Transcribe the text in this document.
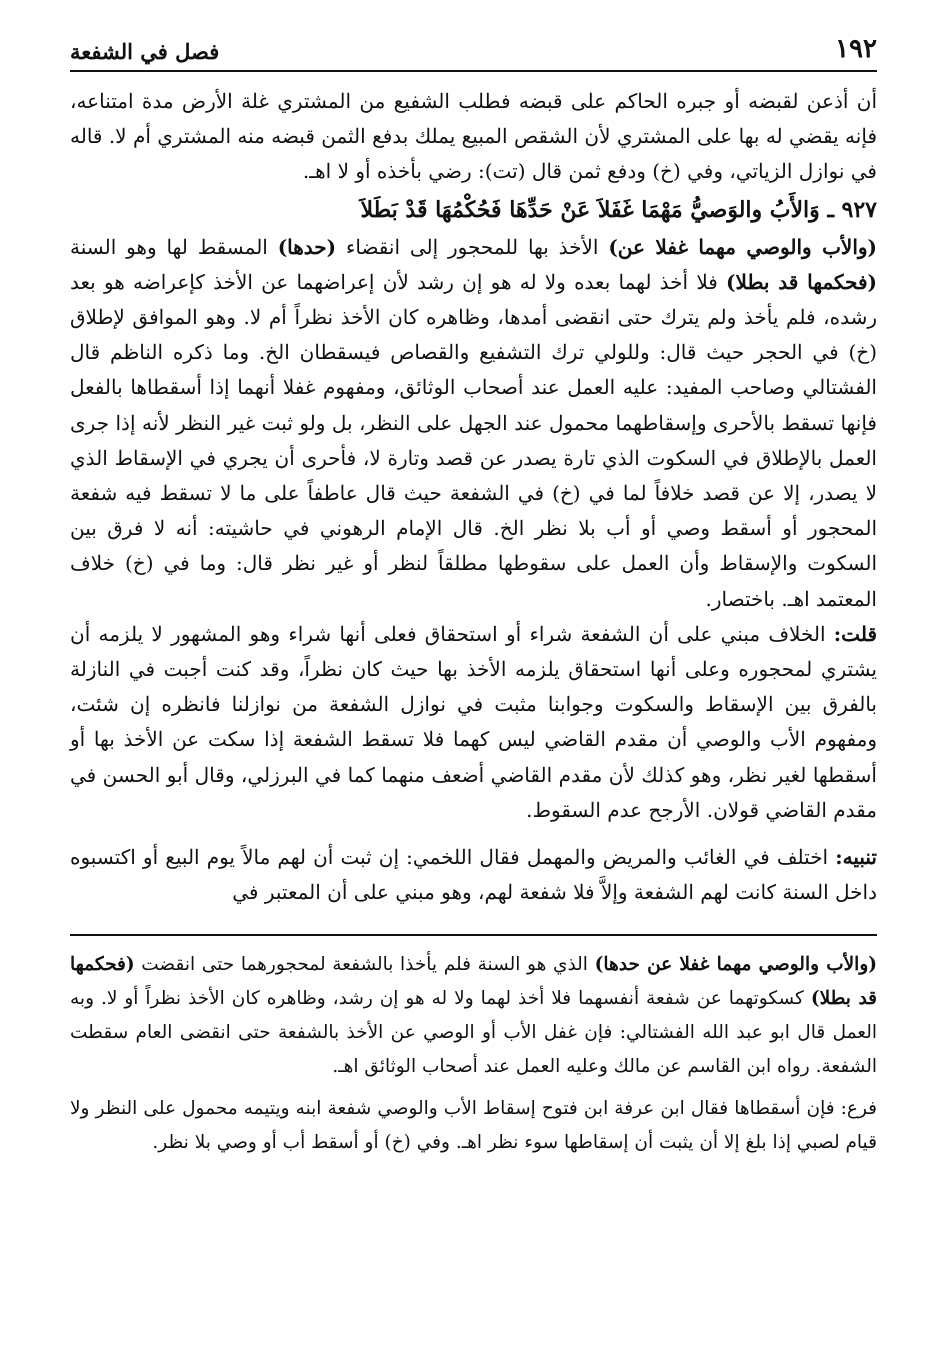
١٩٢
فصل في الشفعة

أن أذعن لقبضه أو جبره الحاكم على قبضه فطلب الشفيع من المشتري غلة الأرض مدة امتناعه، فإنه يقضي له بها على المشتري لأن الشقص المبيع يملك بدفع الثمن قبضه منه المشتري أم لا. قاله في نوازل الزياتي، وفي (خ) ودفع ثمن قال (تت): رضي بأخذه أو لا اهـ.

٩٢٧ ـ وَالأَبُ والوَصيُّ مَهْمَا غَفَلاَ عَنْ حَدِّهَا فَحُكْمُهَا قَدْ بَطَلاَ

(والأب والوصي مهما غفلا عن) الأخذ بها للمحجور إلى انقضاء (حدها) المسقط لها وهو السنة (فحكمها قد بطلا) فلا أخذ لهما بعده ولا له هو إن رشد لأن إعراضهما عن الأخذ كإعراضه هو بعد رشده، فلم يأخذ ولم يترك حتى انقضى أمدها، وظاهره كان الأخذ نظراً أم لا. وهو الموافق لإطلاق (خ) في الحجر حيث قال: وللولي ترك التشفيع والقصاص فيسقطان الخ. وما ذكره الناظم قال الفشتالي وصاحب المفيد: عليه العمل عند أصحاب الوثائق، ومفهوم غفلا أنهما إذا أسقطاها بالفعل فإنها تسقط بالأحرى وإسقاطهما محمول عند الجهل على النظر، بل ولو ثبت غير النظر لأنه إذا جرى العمل بالإطلاق في السكوت الذي تارة يصدر عن قصد وتارة لا، فأحرى أن يجري في الإسقاط الذي لا يصدر، إلا عن قصد خلافاً لما في (خ) في الشفعة حيث قال عاطفاً على ما لا تسقط فيه شفعة المحجور أو أسقط وصي أو أب بلا نظر الخ. قال الإمام الرهوني في حاشيته: أنه لا فرق بين السكوت والإسقاط وأن العمل على سقوطها مطلقاً لنظر أو غير نظر قال: وما في (خ) خلاف المعتمد اهـ. باختصار.

قلت: الخلاف مبني على أن الشفعة شراء أو استحقاق فعلى أنها شراء وهو المشهور لا يلزمه أن يشتري لمحجوره وعلى أنها استحقاق يلزمه الأخذ بها حيث كان نظراً، وقد كنت أجبت في النازلة بالفرق بين الإسقاط والسكوت وجوابنا مثبت في نوازل الشفعة من نوازلنا فانظره إن شئت، ومفهوم الأب والوصي أن مقدم القاضي ليس كهما فلا تسقط الشفعة إذا سكت عن الأخذ بها أو أسقطها لغير نظر، وهو كذلك لأن مقدم القاضي أضعف منهما كما في البرزلي، وقال أبو الحسن في مقدم القاضي قولان. الأرجح عدم السقوط.

تنبيه: اختلف في الغائب والمريض والمهمل فقال اللخمي: إن ثبت أن لهم مالاً يوم البيع أو اكتسبوه داخل السنة كانت لهم الشفعة وإلاَّ فلا شفعة لهم، وهو مبني على أن المعتبر في

(والأب والوصي مهما غفلا عن حدها) الذي هو السنة فلم يأخذا بالشفعة لمحجورهما حتى انقضت (فحكمها قد بطلا) كسكوتهما عن شفعة أنفسهما فلا أخذ لهما ولا له هو إن رشد، وظاهره كان الأخذ نظراً أو لا. وبه العمل قال ابو عبد الله الفشتالي: فإن غفل الأب أو الوصي عن الأخذ بالشفعة حتى انقضى العام سقطت الشفعة. رواه ابن القاسم عن مالك وعليه العمل عند أصحاب الوثائق اهـ.

فرع: فإن أسقطاها فقال ابن عرفة ابن فتوح إسقاط الأب والوصي شفعة ابنه ويتيمه محمول على النظر ولا قيام لصبي إذا بلغ إلا أن يثبت أن إسقاطها سوء نظر اهـ. وفي (خ) أو أسقط أب أو وصي بلا نظر.
